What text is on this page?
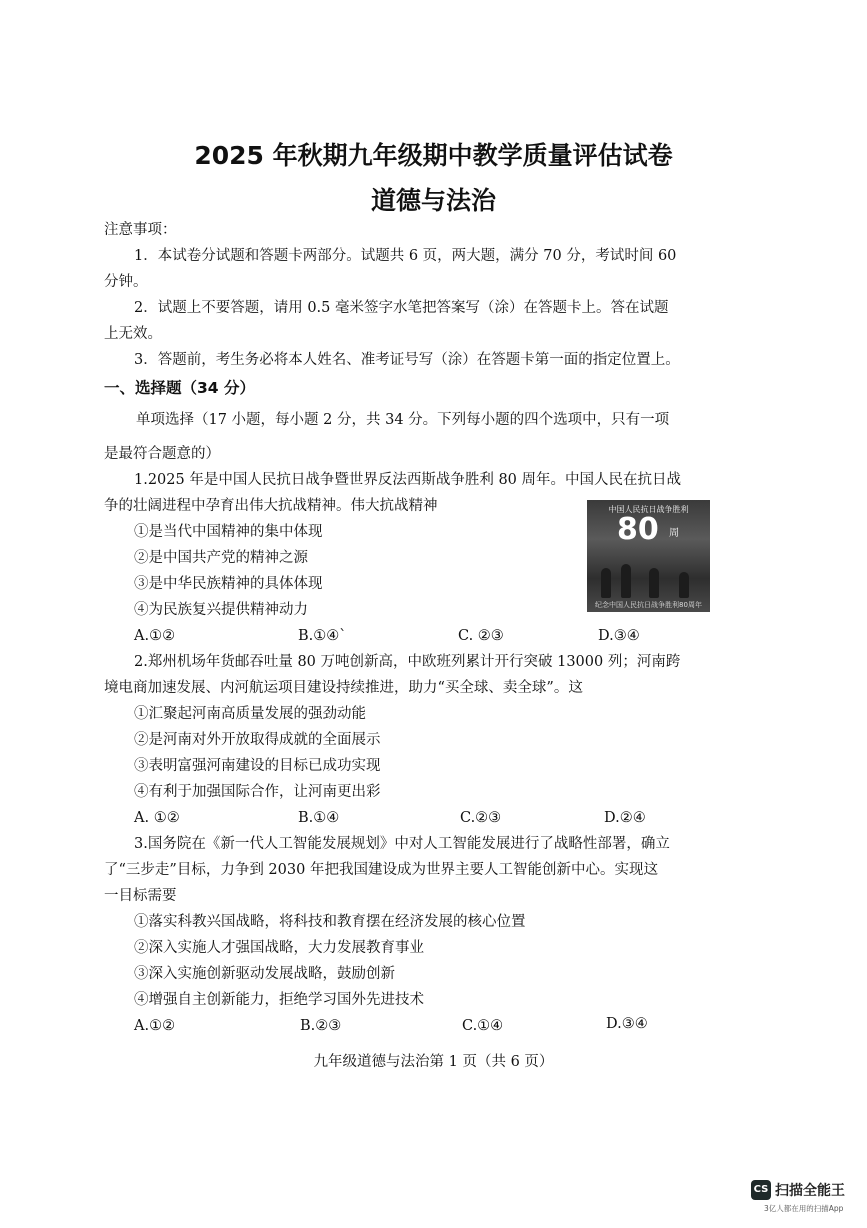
2025 年秋期九年级期中教学质量评估试卷
道德与法治
注意事项：
1．本试卷分试题和答题卡两部分。试题共 6 页，两大题，满分 70 分，考试时间 60
分钟。
2．试题上不要答题，请用 0.5 毫米签字水笔把答案写（涂）在答题卡上。答在试题
上无效。
3．答题前，考生务必将本人姓名、准考证号写（涂）在答题卡第一面的指定位置上。
一、选择题（34 分）
单项选择（17 小题，每小题 2 分，共 34 分。下列每小题的四个选项中，只有一项
是最符合题意的）
1.2025 年是中国人民抗日战争暨世界反法西斯战争胜利 80 周年。中国人民在抗日战
争的壮阔进程中孕育出伟大抗战精神。伟大抗战精神
①是当代中国精神的集中体现
②是中国共产党的精神之源
③是中华民族精神的具体体现
④为民族复兴提供精神动力
A.①②	B.①④`	C. ②③	D.③④
中国人民抗日战争胜利
80 周
纪念中国人民抗日战争胜利80周年
2.郑州机场年货邮吞吐量 80 万吨创新高，中欧班列累计开行突破 13000 列；河南跨
境电商加速发展、内河航运项目建设持续推进，助力“买全球、卖全球”。这
①汇聚起河南高质量发展的强劲动能
②是河南对外开放取得成就的全面展示
③表明富强河南建设的目标已成功实现
④有利于加强国际合作，让河南更出彩
A. ①②	B.①④	C.②③	D.②④
3.国务院在《新一代人工智能发展规划》中对人工智能发展进行了战略性部署，确立
了“三步走”目标，力争到 2030 年把我国建设成为世界主要人工智能创新中心。实现这
一目标需要
①落实科教兴国战略，将科技和教育摆在经济发展的核心位置
②深入实施人才强国战略，大力发展教育事业
③深入实施创新驱动发展战略，鼓励创新
④增强自主创新能力，拒绝学习国外先进技术
A.①②	B.②③	C.①④	D.③④
九年级道德与法治第 1 页（共 6 页）
CS 扫描全能王
3亿人都在用的扫描App
